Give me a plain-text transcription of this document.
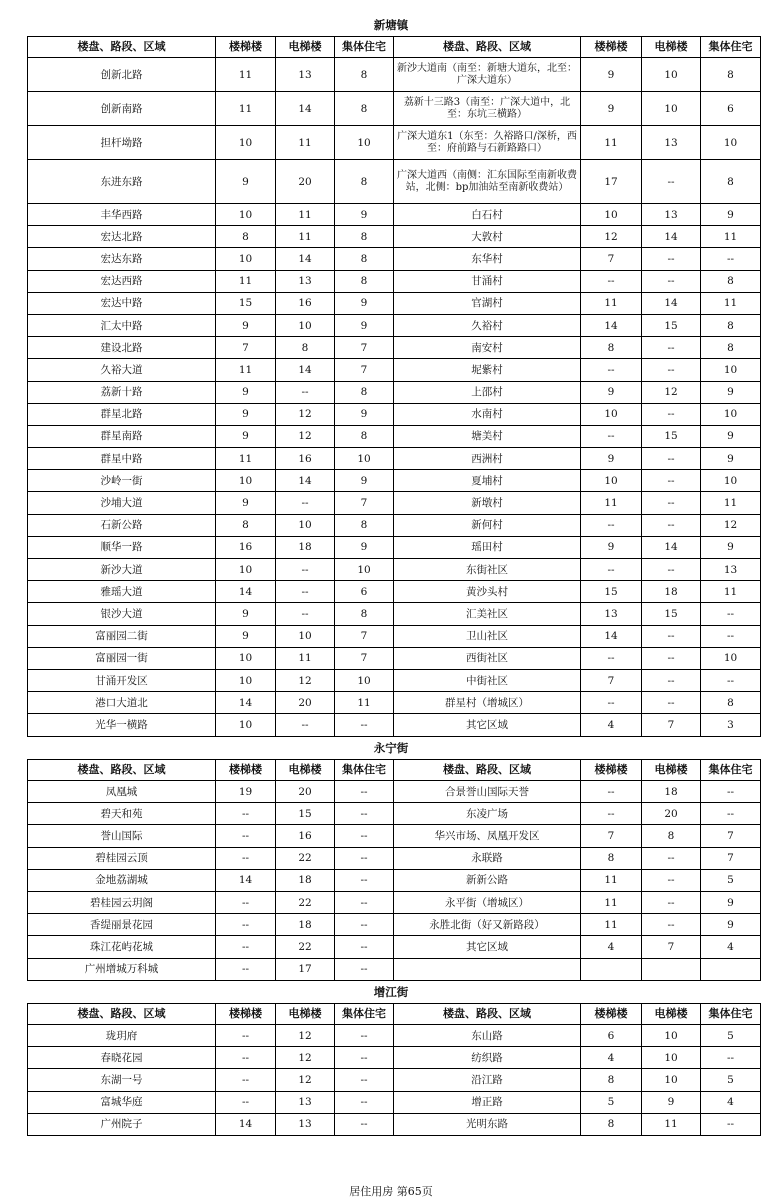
新塘镇
楼盘、路段、区域	楼梯楼	电梯楼	集体住宅	楼盘、路段、区域	楼梯楼	电梯楼	集体住宅
创新北路	11	13	8	新沙大道南（南至：新塘大道东，北至：广深大道东）	9	10	8
创新南路	11	14	8	荔新十三路3（南至：广深大道中，北至：东坑三横路）	9	10	6
担杆坳路	10	11	10	广深大道东1（东至：久裕路口/深桥，西至：府前路与石新路路口）	11	13	10
东进东路	9	20	8	广深大道西（南侧：汇东国际至南新收费站，北侧：bp加油站至南新收费站）	17	--	8
丰华西路	10	11	9	白石村	10	13	9
宏达北路	8	11	8	大敦村	12	14	11
宏达东路	10	14	8	东华村	7	--	--
宏达西路	11	13	8	甘涌村	--	--	8
宏达中路	15	16	9	官湖村	11	14	11
汇太中路	9	10	9	久裕村	14	15	8
建设北路	7	8	7	南安村	8	--	8
久裕大道	11	14	7	坭紫村	--	--	10
荔新十路	9	--	8	上邵村	9	12	9
群星北路	9	12	9	水南村	10	--	10
群星南路	9	12	8	塘美村	--	15	9
群星中路	11	16	10	西洲村	9	--	9
沙岭一街	10	14	9	夏埔村	10	--	10
沙埔大道	9	--	7	新墩村	11	--	11
石新公路	8	10	8	新何村	--	--	12
顺华一路	16	18	9	瑶田村	9	14	9
新沙大道	10	--	10	东街社区	--	--	13
雅瑶大道	14	--	6	黄沙头村	15	18	11
银沙大道	9	--	8	汇美社区	13	15	--
富丽园二街	9	10	7	卫山社区	14	--	--
富丽园一街	10	11	7	西街社区	--	--	10
甘涌开发区	10	12	10	中街社区	7	--	--
港口大道北	14	20	11	群星村（增城区）	--	--	8
光华一横路	10	--	--	其它区域	4	7	3
永宁街
楼盘、路段、区域	楼梯楼	电梯楼	集体住宅	楼盘、路段、区域	楼梯楼	电梯楼	集体住宅
凤凰城	19	20	--	合景誉山国际天誉	--	18	--
碧天和苑	--	15	--	东凌广场	--	20	--
誉山国际	--	16	--	华兴市场、凤凰开发区	7	8	7
碧桂园云顶	--	22	--	永联路	8	--	7
金地荔湖城	14	18	--	新新公路	11	--	5
碧桂园云玥阁	--	22	--	永平街（增城区）	11	--	9
香缇丽景花园	--	18	--	永胜北街（好又新路段）	11	--	9
珠江花屿花城	--	22	--	其它区域	4	7	4
广州增城万科城	--	17	--				
增江街
楼盘、路段、区域	楼梯楼	电梯楼	集体住宅	楼盘、路段、区域	楼梯楼	电梯楼	集体住宅
珑玥府	--	12	--	东山路	6	10	5
春晓花园	--	12	--	纺织路	4	10	--
东湖一号	--	12	--	沿江路	8	10	5
富城华庭	--	13	--	增正路	5	9	4
广州院子	14	13	--	光明东路	8	11	--
居住用房 第65页
